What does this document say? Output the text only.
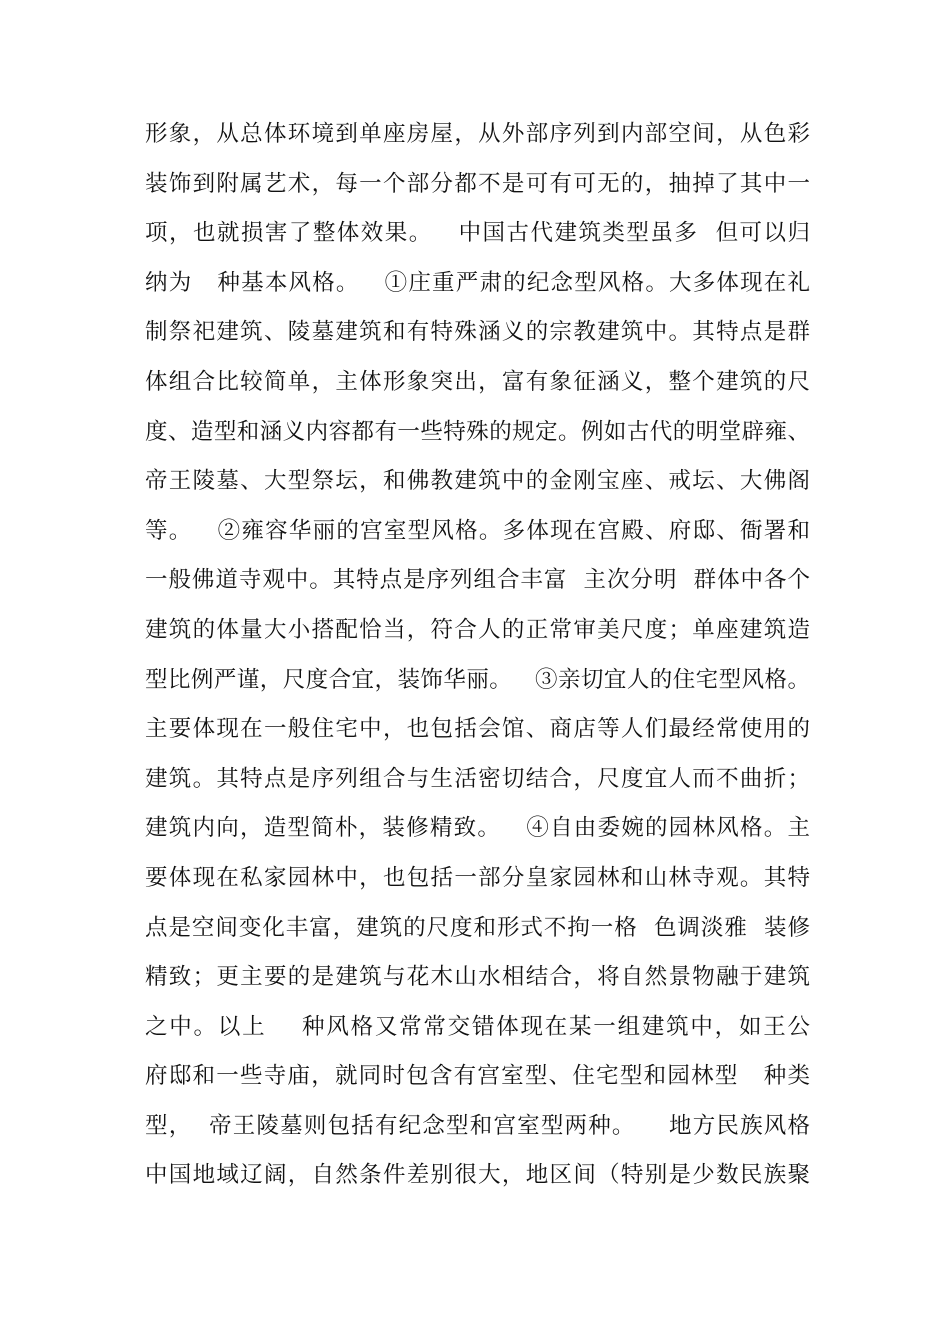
形象，从总体环境到单座房屋，从外部序列到内部空间，从色彩
装饰到附属艺术，每一个部分都不是可有可无的，抽掉了其中一
项，也就损害了整体效果。   中国古代建筑类型虽多  但可以归
纳为   种基本风格。   ①庄重严肃的纪念型风格。大多体现在礼
制祭祀建筑、陵墓建筑和有特殊涵义的宗教建筑中。其特点是群
体组合比较简单，主体形象突出，富有象征涵义，整个建筑的尺
度、造型和涵义内容都有一些特殊的规定。例如古代的明堂辟雍、
帝王陵墓、大型祭坛，和佛教建筑中的金刚宝座、戒坛、大佛阁
等。   ②雍容华丽的宫室型风格。多体现在宫殿、府邸、衙署和
一般佛道寺观中。其特点是序列组合丰富  主次分明  群体中各个
建筑的体量大小搭配恰当，符合人的正常审美尺度；单座建筑造
型比例严谨，尺度合宜，装饰华丽。   ③亲切宜人的住宅型风格。
主要体现在一般住宅中，也包括会馆、商店等人们最经常使用的
建筑。其特点是序列组合与生活密切结合，尺度宜人而不曲折；
建筑内向，造型简朴，装修精致。   ④自由委婉的园林风格。主
要体现在私家园林中，也包括一部分皇家园林和山林寺观。其特
点是空间变化丰富，建筑的尺度和形式不拘一格  色调淡雅  装修
精致；更主要的是建筑与花木山水相结合，将自然景物融于建筑
之中。以上    种风格又常常交错体现在某一组建筑中，如王公
府邸和一些寺庙，就同时包含有宫室型、住宅型和园林型   种类
型，  帝王陵墓则包括有纪念型和宫室型两种。    地方民族风格
中国地域辽阔，自然条件差别很大，地区间（特别是少数民族聚
